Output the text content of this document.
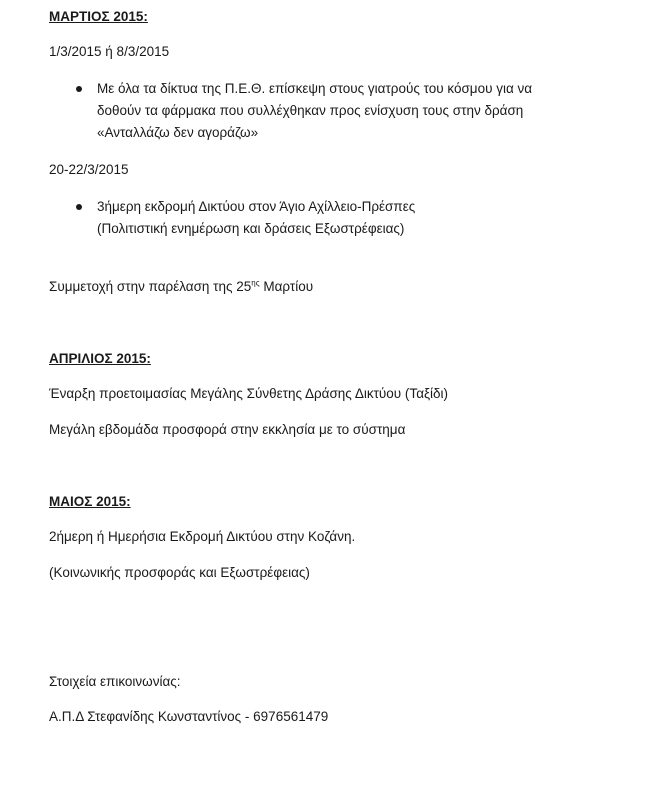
ΜΑΡΤΙΟΣ 2015:
1/3/2015 ή 8/3/2015
Με όλα τα δίκτυα της Π.Ε.Θ. επίσκεψη στους γιατρούς του κόσμου για να
δοθούν τα φάρμακα που συλλέχθηκαν προς ενίσχυση τους στην δράση
«Ανταλλάζω δεν αγοράζω»
20-22/3/2015
3ήμερη εκδρομή Δικτύου στον Άγιο Αχίλλειο-Πρέσπες
(Πολιτιστική ενημέρωση και δράσεις Εξωστρέφειας)
Συμμετοχή στην παρέλαση της $25^{\eta\varsigma}$ Μαρτίου
ΑΠΡΙΛΙΟΣ 2015:
Έναρξη προετοιμασίας Μεγάλης Σύνθετης Δράσης Δικτύου (Ταξίδι)
Μεγάλη εβδομάδα προσφορά στην εκκλησία με το σύστημα
ΜΑΙΟΣ 2015:
2ήμερη ή Ημερήσια Εκδρομή Δικτύου στην Κοζάνη.
(Κοινωνικής προσφοράς και Εξωστρέφειας)
Στοιχεία επικοινωνίας:
Α.Π.Δ Στεφανίδης Κωνσταντίνος - 6976561479
